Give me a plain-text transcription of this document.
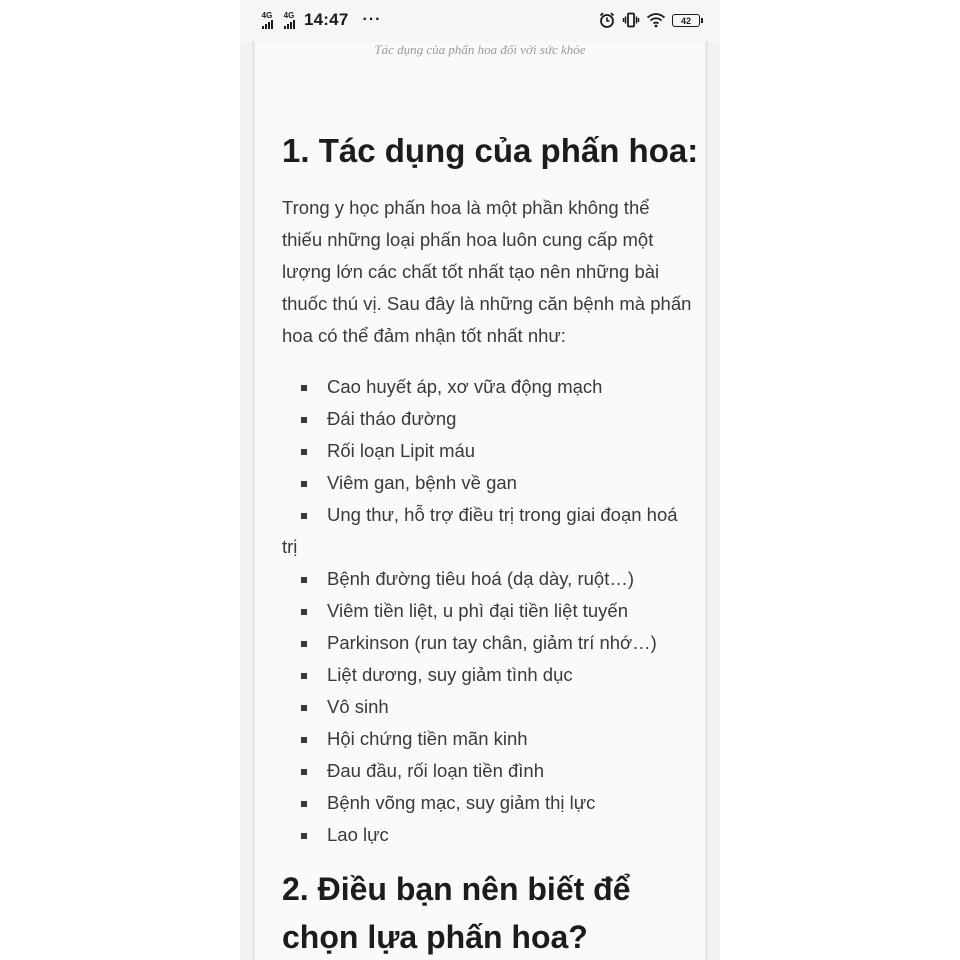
4G 4G 14:47 ···	42
Tác dụng của phấn hoa đối với sức khỏe
1. Tác dụng của phấn hoa:

Trong y học phấn hoa là một phần không thể thiếu những loại phấn hoa luôn cung cấp một lượng lớn các chất tốt nhất tạo nên những bài thuốc thú vị. Sau đây là những căn bệnh mà phấn hoa có thể đảm nhận tốt nhất như:

Cao huyết áp, xơ vữa động mạch
Đái tháo đường
Rối loạn Lipit máu
Viêm gan, bệnh về gan
Ung thư, hỗ trợ điều trị trong giai đoạn hoá trị
Bệnh đường tiêu hoá (dạ dày, ruột…)
Viêm tiền liệt, u phì đại tiền liệt tuyến
Parkinson (run tay chân, giảm trí nhớ…)
Liệt dương, suy giảm tình dục
Vô sinh
Hội chứng tiền mãn kinh
Đau đầu, rối loạn tiền đình
Bệnh võng mạc, suy giảm thị lực
Lao lực
2. Điều bạn nên biết để chọn lựa phấn hoa?
